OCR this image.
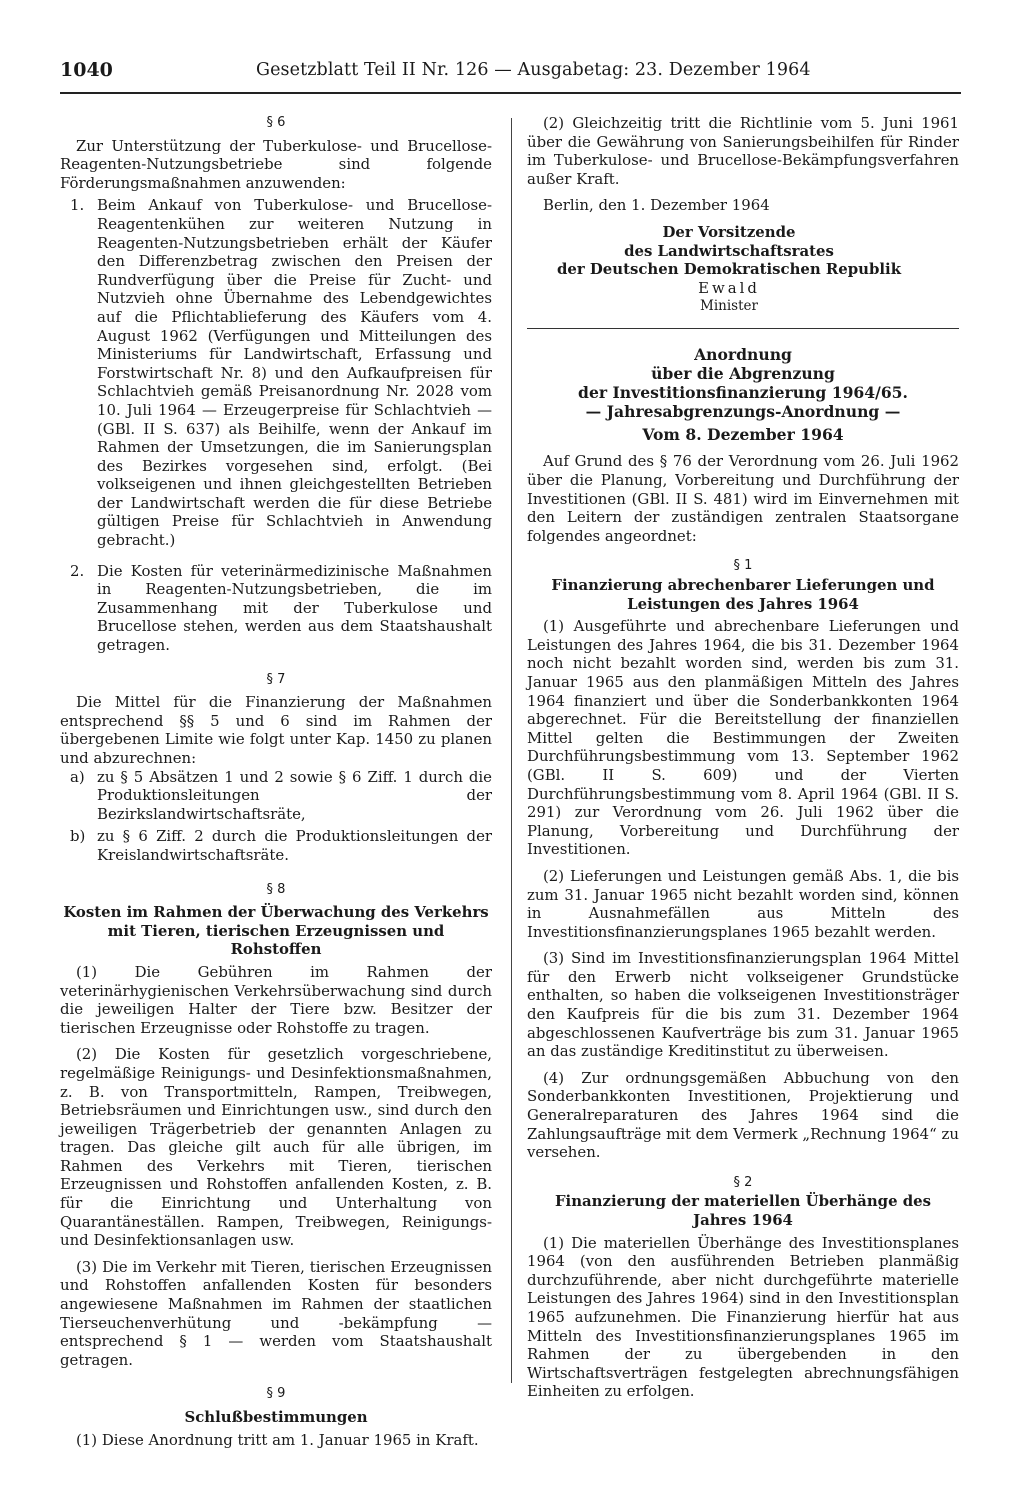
1040	Gesetzblatt Teil II Nr. 126 — Ausgabetag: 23. Dezember 1964

§ 6

Zur Unterstützung der Tuberkulose- und Brucellose-Reagenten-Nutzungsbetriebe sind folgende Förderungsmaßnahmen anzuwenden:

1. Beim Ankauf von Tuberkulose- und Brucellose-Reagentenkühen zur weiteren Nutzung in Reagenten-Nutzungsbetrieben erhält der Käufer den Differenzbetrag zwischen den Preisen der Rundverfügung über die Preise für Zucht- und Nutzvieh ohne Übernahme des Lebendgewichtes auf die Pflichtablieferung des Käufers vom 4. August 1962 (Verfügungen und Mitteilungen des Ministeriums für Landwirtschaft, Erfassung und Forstwirtschaft Nr. 8) und den Aufkaufpreisen für Schlachtvieh gemäß Preisanordnung Nr. 2028 vom 10. Juli 1964 — Erzeugerpreise für Schlachtvieh — (GBl. II S. 637) als Beihilfe, wenn der Ankauf im Rahmen der Umsetzungen, die im Sanierungsplan des Bezirkes vorgesehen sind, erfolgt. (Bei volkseigenen und ihnen gleichgestellten Betrieben der Landwirtschaft werden die für diese Betriebe gültigen Preise für Schlachtvieh in Anwendung gebracht.)

2. Die Kosten für veterinärmedizinische Maßnahmen in Reagenten-Nutzungsbetrieben, die im Zusammenhang mit der Tuberkulose und Brucellose stehen, werden aus dem Staatshaushalt getragen.

§ 7

Die Mittel für die Finanzierung der Maßnahmen entsprechend §§ 5 und 6 sind im Rahmen der übergebenen Limite wie folgt unter Kap. 1450 zu planen und abzurechnen:

a) zu § 5 Absätzen 1 und 2 sowie § 6 Ziff. 1 durch die Produktionsleitungen der Bezirkslandwirtschaftsräte,

b) zu § 6 Ziff. 2 durch die Produktionsleitungen der Kreislandwirtschaftsräte.

§ 8

Kosten im Rahmen der Überwachung des Verkehrs mit Tieren, tierischen Erzeugnissen und Rohstoffen

(1) Die Gebühren im Rahmen der veterinärhygienischen Verkehrsüberwachung sind durch die jeweiligen Halter der Tiere bzw. Besitzer der tierischen Erzeugnisse oder Rohstoffe zu tragen.

(2) Die Kosten für gesetzlich vorgeschriebene, regelmäßige Reinigungs- und Desinfektionsmaßnahmen, z. B. von Transportmitteln, Rampen, Treibwegen, Betriebsräumen und Einrichtungen usw., sind durch den jeweiligen Trägerbetrieb der genannten Anlagen zu tragen. Das gleiche gilt auch für alle übrigen, im Rahmen des Verkehrs mit Tieren, tierischen Erzeugnissen und Rohstoffen anfallenden Kosten, z. B. für die Einrichtung und Unterhaltung von Quarantäneställen. Rampen, Treibwegen, Reinigungs- und Desinfektionsanlagen usw.

(3) Die im Verkehr mit Tieren, tierischen Erzeugnissen und Rohstoffen anfallenden Kosten für besonders angewiesene Maßnahmen im Rahmen der staatlichen Tierseuchenverhütung und -bekämpfung — entsprechend § 1 — werden vom Staatshaushalt getragen.

§ 9

Schlußbestimmungen

(1) Diese Anordnung tritt am 1. Januar 1965 in Kraft.

(2) Gleichzeitig tritt die Richtlinie vom 5. Juni 1961 über die Gewährung von Sanierungsbeihilfen für Rinder im Tuberkulose- und Brucellose-Bekämpfungsverfahren außer Kraft.

Berlin, den 1. Dezember 1964

Der Vorsitzende

des Landwirtschaftsrates

der Deutschen Demokratischen Republik

Ewald

Minister

Anordnung

über die Abgrenzung

der Investitionsfinanzierung 1964/65.

— Jahresabgrenzungs-Anordnung —

Vom 8. Dezember 1964

Auf Grund des § 76 der Verordnung vom 26. Juli 1962 über die Planung, Vorbereitung und Durchführung der Investitionen (GBl. II S. 481) wird im Einvernehmen mit den Leitern der zuständigen zentralen Staatsorgane folgendes angeordnet:

§ 1

Finanzierung abrechenbarer Lieferungen und Leistungen des Jahres 1964

(1) Ausgeführte und abrechenbare Lieferungen und Leistungen des Jahres 1964, die bis 31. Dezember 1964 noch nicht bezahlt worden sind, werden bis zum 31. Januar 1965 aus den planmäßigen Mitteln des Jahres 1964 finanziert und über die Sonderbankkonten 1964 abgerechnet. Für die Bereitstellung der finanziellen Mittel gelten die Bestimmungen der Zweiten Durchführungsbestimmung vom 13. September 1962 (GBl. II S. 609) und der Vierten Durchführungsbestimmung vom 8. April 1964 (GBl. II S. 291) zur Verordnung vom 26. Juli 1962 über die Planung, Vorbereitung und Durchführung der Investitionen.

(2) Lieferungen und Leistungen gemäß Abs. 1, die bis zum 31. Januar 1965 nicht bezahlt worden sind, können in Ausnahmefällen aus Mitteln des Investitionsfinanzierungsplanes 1965 bezahlt werden.

(3) Sind im Investitionsfinanzierungsplan 1964 Mittel für den Erwerb nicht volkseigener Grundstücke enthalten, so haben die volkseigenen Investitionsträger den Kaufpreis für die bis zum 31. Dezember 1964 abgeschlossenen Kaufverträge bis zum 31. Januar 1965 an das zuständige Kreditinstitut zu überweisen.

(4) Zur ordnungsgemäßen Abbuchung von den Sonderbankkonten Investitionen, Projektierung und Generalreparaturen des Jahres 1964 sind die Zahlungsaufträge mit dem Vermerk „Rechnung 1964“ zu versehen.

§ 2

Finanzierung der materiellen Überhänge des Jahres 1964

(1) Die materiellen Überhänge des Investitionsplanes 1964 (von den ausführenden Betrieben planmäßig durchzuführende, aber nicht durchgeführte materielle Leistungen des Jahres 1964) sind in den Investitionsplan 1965 aufzunehmen. Die Finanzierung hierfür hat aus Mitteln des Investitionsfinanzierungsplanes 1965 im Rahmen der zu übergebenden in den Wirtschaftsverträgen festgelegten abrechnungsfähigen Einheiten zu erfolgen.
